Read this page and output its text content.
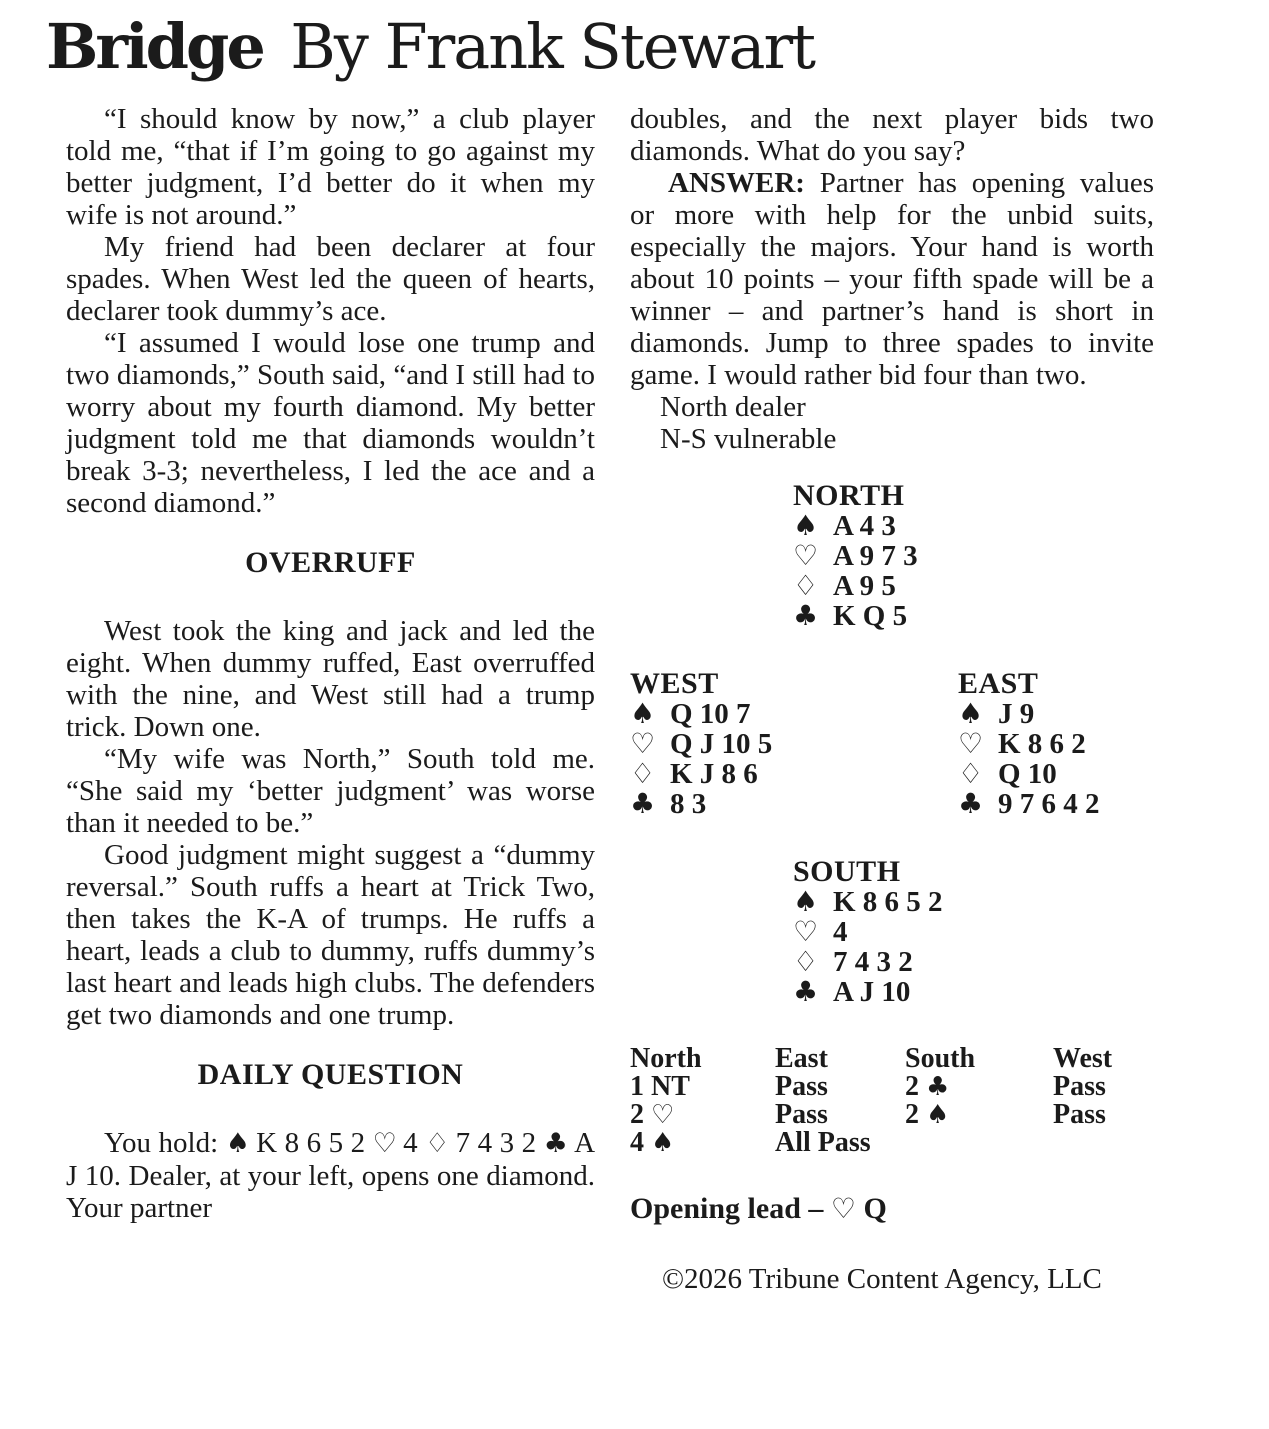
Bridge By Frank Stewart

“I should know by now,” a club player told me, “that if I’m going to go against my better judgment, I’d better do it when my wife is not around.”

My friend had been declarer at four spades. When West led the queen of hearts, declarer took dummy’s ace.

“I assumed I would lose one trump and two diamonds,” South said, “and I still had to worry about my fourth diamond. My better judgment told me that diamonds wouldn’t break 3-3; nevertheless, I led the ace and a second diamond.”

OVERRUFF

West took the king and jack and led the eight. When dummy ruffed, East overruffed with the nine, and West still had a trump trick. Down one.

“My wife was North,” South told me. “She said my ‘better judgment’ was worse than it needed to be.”

Good judgment might suggest a “dummy reversal.” South ruffs a heart at Trick Two, then takes the K-A of trumps. He ruffs a heart, leads a club to dummy, ruffs dummy’s last heart and leads high clubs. The defenders get two diamonds and one trump.

DAILY QUESTION

You hold: ♠ K 8 6 5 2 ♡ 4 ♢ 7 4 3 2 ♣ A J 10. Dealer, at your left, opens one diamond. Your partner

doubles, and the next player bids two diamonds. What do you say?

ANSWER: Partner has opening values or more with help for the unbid suits, especially the majors. Your hand is worth about 10 points – your fifth spade will be a winner – and partner’s hand is short in diamonds. Jump to three spades to invite game. I would rather bid four than two.

North dealer

N-S vulnerable

NORTH
♠ A 4 3
♡ A 9 7 3
♢ A 9 5
♣ K Q 5
WEST
♠ Q 10 7
♡ Q J 10 5
♢ K J 8 6
♣ 8 3
EAST
♠ J 9
♡ K 8 6 2
♢ Q 10
♣ 9 7 6 4 2
SOUTH
♠ K 8 6 5 2
♡ 4
♢ 7 4 3 2
♣ A J 10
North	East	South	West
1 NT	Pass	2 ♣	Pass
2 ♡	Pass	2 ♠	Pass
4 ♠	All Pass

Opening lead – ♡ Q

©2026 Tribune Content Agency, LLC
